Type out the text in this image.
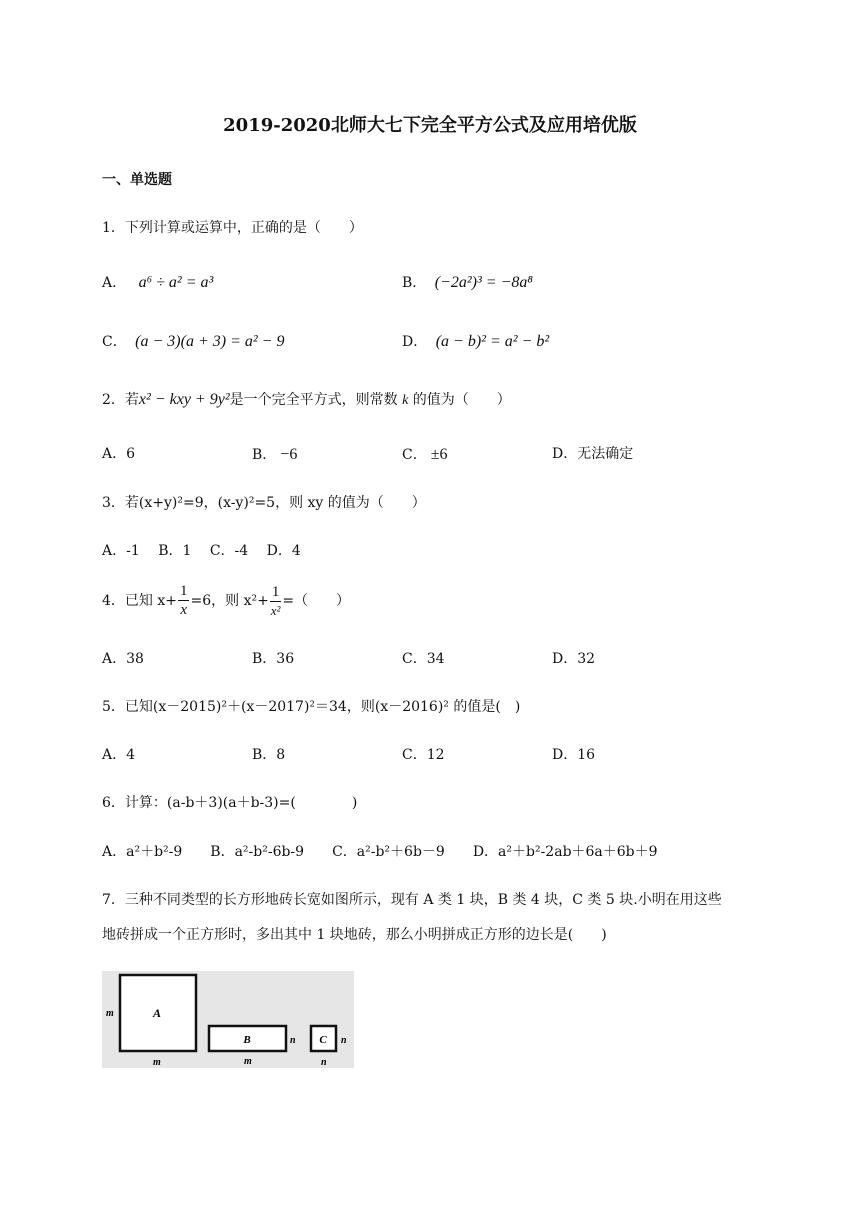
2019-2020北师大七下完全平方公式及应用培优版
一、单选题
1．下列计算或运算中，正确的是（　　）
A． a⁶ ÷ a² = a³	B． (−2a²)³ = −8a⁸
C． (a − 3)(a + 3) = a² − 9	D． (a − b)² = a² − b²
2．若x² − kxy + 9y²是一个完全平方式，则常数 k 的值为（　　）
A．6	B． −6	C． ±6	D．无法确定
3．若(x+y)²=9，(x-y)²=5，则 xy 的值为（　　）
A．-1　 B．1　 C．-4　 D．4
4．已知 $x+ \frac{1}{x} =6$，则 $x^2+ \frac{1}{\text{x²}}$ =（　　）
A．38	B．36	C．34	D．32
5．已知(x－2015)²＋(x－2017)²＝34，则(x－2016)² 的值是(　)
A．4	B．8	C．12	D．16
6．计算：(a-b＋3)(a＋b-3)=(　　　　)
A．a²＋b²-9　　B．a²-b²-6b-9　　C．a²-b²＋6b－9　　D．a²＋b²-2ab＋6a＋6b＋9
7．三种不同类型的长方形地砖长宽如图所示，现有 A 类 1 块，B 类 4 块，C 类 5 块.小明在用这些
地砖拼成一个正方形时，多出其中 1 块地砖，那么小明拼成正方形的边长是(　　)
A
m
m
B	n
m
C n
n
